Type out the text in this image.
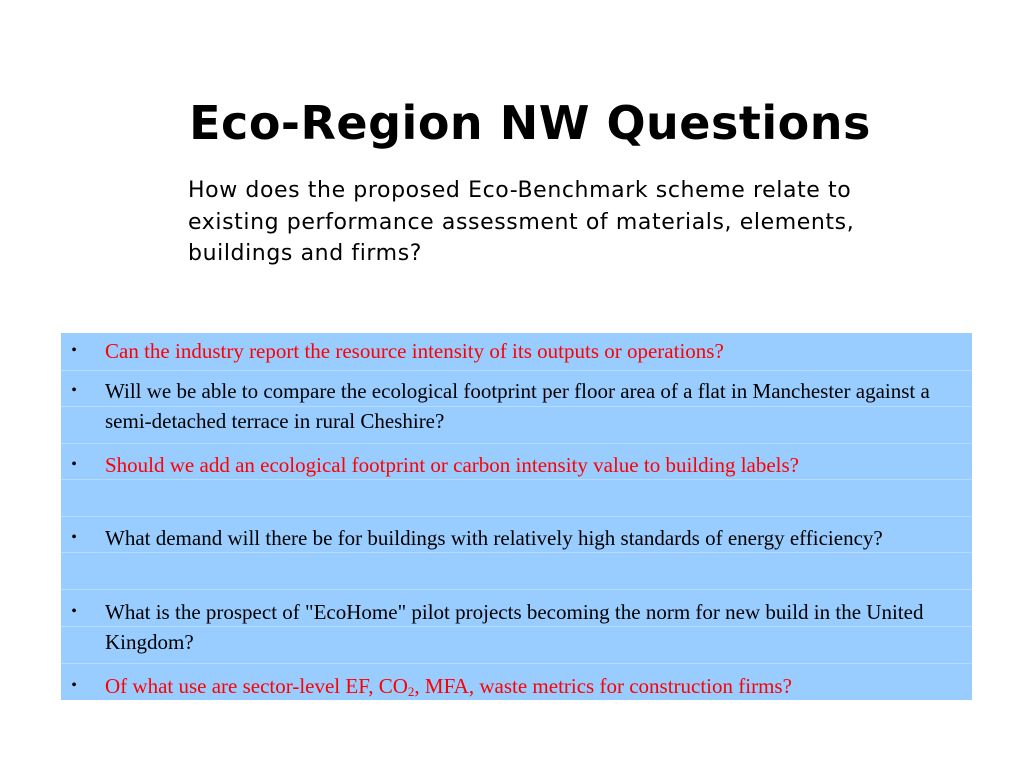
Eco-Region NW Questions
How does the proposed Eco-Benchmark scheme relate to existing performance assessment of materials, elements, buildings and firms?
• Can the industry report the resource intensity of its outputs or operations?
• Will we be able to compare the ecological footprint per floor area of a flat in Manchester against a semi-detached terrace in rural Cheshire?
• Should we add an ecological footprint or carbon intensity value to building labels?
• What demand will there be for buildings with relatively high standards of energy efficiency?
• What is the prospect of "EcoHome" pilot projects becoming the norm for new build in the United Kingdom?
• Of what use are sector-level EF, $CO_2$, MFA, waste metrics for construction firms?
